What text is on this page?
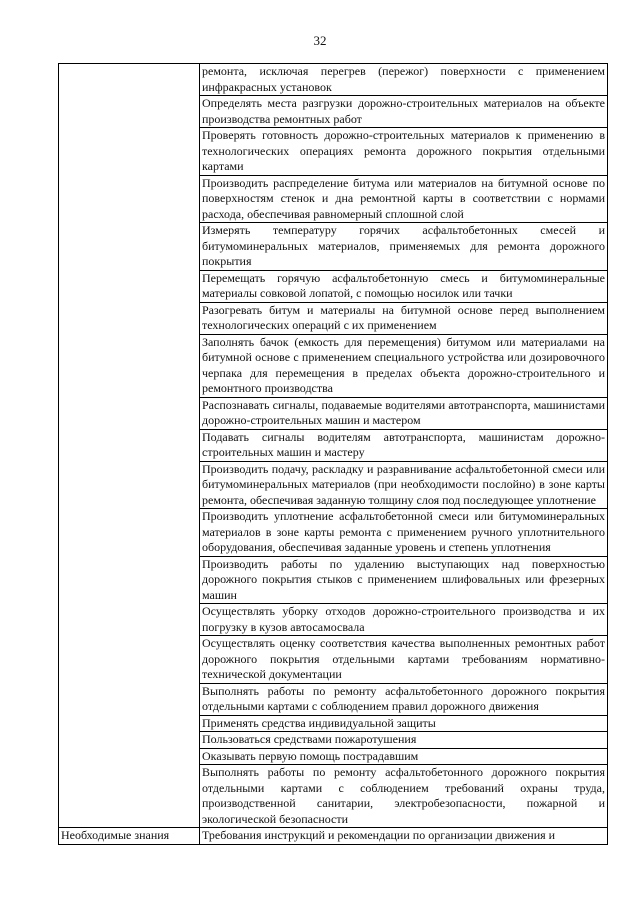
32
	ремонта, исключая перегрев (пережог) поверхности с применением инфракрасных установок
	Определять места разгрузки дорожно-строительных материалов на объекте производства ремонтных работ
	Проверять готовность дорожно-строительных материалов к применению в технологических операциях ремонта дорожного покрытия отдельными картами
	Производить распределение битума или материалов на битумной основе по поверхностям стенок и дна ремонтной карты в соответствии с нормами расхода, обеспечивая равномерный сплошной слой
	Измерять температуру горячих асфальтобетонных смесей и битумоминеральных материалов, применяемых для ремонта дорожного покрытия
	Перемещать горячую асфальтобетонную смесь и битумоминеральные материалы совковой лопатой, с помощью носилок или тачки
	Разогревать битум и материалы на битумной основе перед выполнением технологических операций с их применением
	Заполнять бачок (емкость для перемещения) битумом или материалами на битумной основе с применением специального устройства или дозировочного черпака для перемещения в пределах объекта дорожно-строительного и ремонтного производства
	Распознавать сигналы, подаваемые водителями автотранспорта, машинистами дорожно-строительных машин и мастером
	Подавать сигналы водителям автотранспорта, машинистам дорожно-строительных машин и мастеру
	Производить подачу, раскладку и разравнивание асфальтобетонной смеси или битумоминеральных материалов (при необходимости послойно) в зоне карты ремонта, обеспечивая заданную толщину слоя под последующее уплотнение
	Производить уплотнение асфальтобетонной смеси или битумоминеральных материалов в зоне карты ремонта с применением ручного уплотнительного оборудования, обеспечивая заданные уровень и степень уплотнения
	Производить работы по удалению выступающих над поверхностью дорожного покрытия стыков с применением шлифовальных или фрезерных машин
	Осуществлять уборку отходов дорожно-строительного производства и их погрузку в кузов автосамосвала
	Осуществлять оценку соответствия качества выполненных ремонтных работ дорожного покрытия отдельными картами требованиям нормативно-технической документации
	Выполнять работы по ремонту асфальтобетонного дорожного покрытия отдельными картами с соблюдением правил дорожного движения
	Применять средства индивидуальной защиты
	Пользоваться средствами пожаротушения
	Оказывать первую помощь пострадавшим
	Выполнять работы по ремонту асфальтобетонного дорожного покрытия отдельными картами с соблюдением требований охраны труда, производственной санитарии, электробезопасности, пожарной и экологической безопасности
Необходимые знания	Требования инструкций и рекомендации по организации движения и
